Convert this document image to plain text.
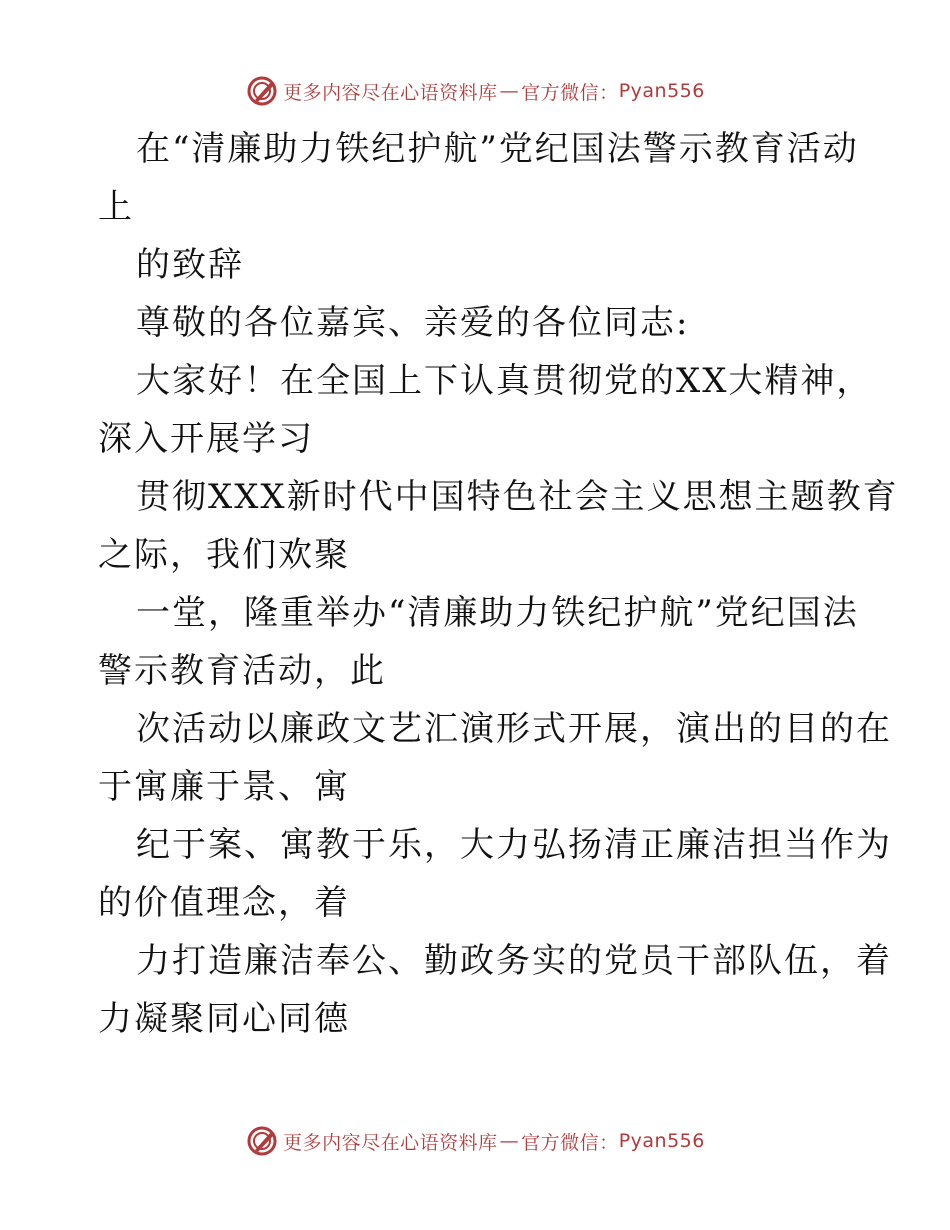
更多内容尽在心语资料库 — 官方微信： Pyan556
在“清廉助力铁纪护航”党纪国法警示教育活动
上
的致辞
尊敬的各位嘉宾、亲爱的各位同志:
大家好！在全国上下认真贯彻党的XX大精神，
深入开展学习
贯彻XXX新时代中国特色社会主义思想主题教育
之际，我们欢聚
一堂，隆重举办“清廉助力铁纪护航”党纪国法
警示教育活动，此
次活动以廉政文艺汇演形式开展，演出的目的在
于寓廉于景、寓
纪于案、寓教于乐，大力弘扬清正廉洁担当作为
的价值理念，着
力打造廉洁奉公、勤政务实的党员干部队伍，着
力凝聚同心同德
更多内容尽在心语资料库 — 官方微信： Pyan556
